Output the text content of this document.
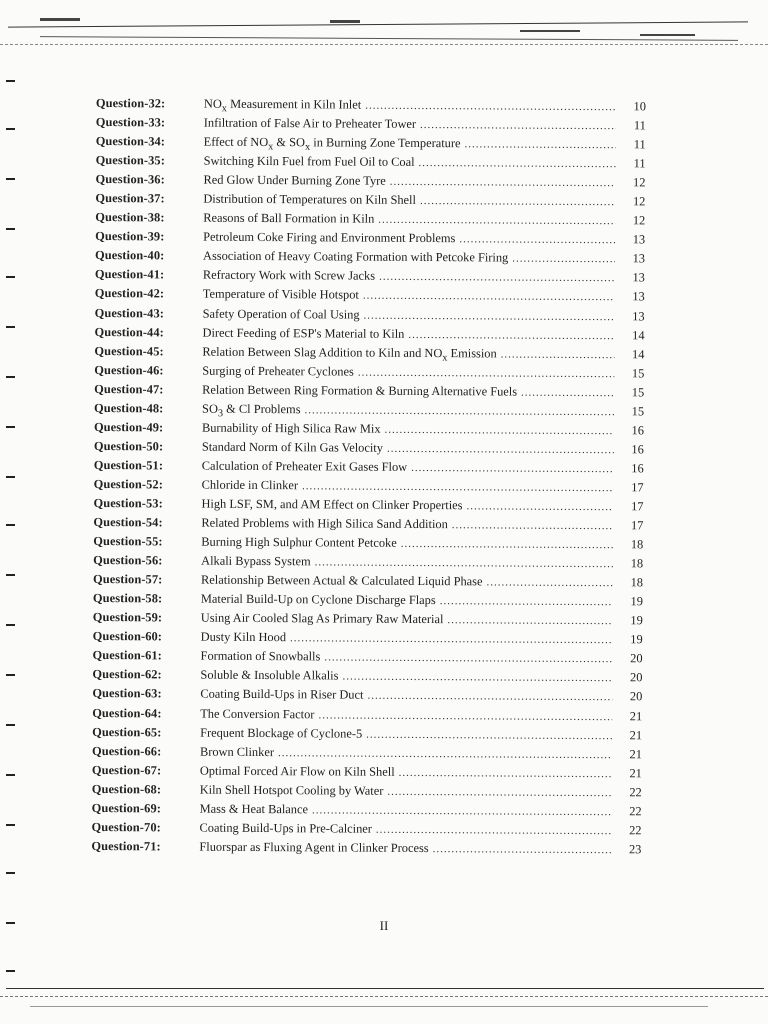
Question-32:	$NO_x$ Measurement in Kiln Inlet .....	10
Question-33:	Infiltration of False Air to Preheater Tower .....	11
Question-34:	Effect of $NO_x$ & $SO_x$ in Burning Zone Temperature .....	11
Question-35:	Switching Kiln Fuel from Fuel Oil to Coal .....	11
Question-36:	Red Glow Under Burning Zone Tyre .....	12
Question-37:	Distribution of Temperatures on Kiln Shell .....	12
Question-38:	Reasons of Ball Formation in Kiln .....	12
Question-39:	Petroleum Coke Firing and Environment Problems .....	13
Question-40:	Association of Heavy Coating Formation with Petcoke Firing .....	13
Question-41:	Refractory Work with Screw Jacks .....	13
Question-42:	Temperature of Visible Hotspot .....	13
Question-43:	Safety Operation of Coal Using .....	13
Question-44:	Direct Feeding of ESP's Material to Kiln .....	14
Question-45:	Relation Between Slag Addition to Kiln and $NO_x$ Emission .....	14
Question-46:	Surging of Preheater Cyclones .....	15
Question-47:	Relation Between Ring Formation & Burning Alternative Fuels .....	15
Question-48:	$SO_3$ & Cl Problems .....	15
Question-49:	Burnability of High Silica Raw Mix .....	16
Question-50:	Standard Norm of Kiln Gas Velocity .....	16
Question-51:	Calculation of Preheater Exit Gases Flow .....	16
Question-52:	Chloride in Clinker .....	17
Question-53:	High LSF, SM, and AM Effect on Clinker Properties .....	17
Question-54:	Related Problems with High Silica Sand Addition .....	17
Question-55:	Burning High Sulphur Content Petcoke .....	18
Question-56:	Alkali Bypass System .....	18
Question-57:	Relationship Between Actual & Calculated Liquid Phase .....	18
Question-58:	Material Build-Up on Cyclone Discharge Flaps .....	19
Question-59:	Using Air Cooled Slag As Primary Raw Material .....	19
Question-60:	Dusty Kiln Hood .....	19
Question-61:	Formation of Snowballs .....	20
Question-62:	Soluble & Insoluble Alkalis .....	20
Question-63:	Coating Build-Ups in Riser Duct .....	20
Question-64:	The Conversion Factor .....	21
Question-65:	Frequent Blockage of Cyclone-5 .....	21
Question-66:	Brown Clinker .....	21
Question-67:	Optimal Forced Air Flow on Kiln Shell .....	21
Question-68:	Kiln Shell Hotspot Cooling by Water .....	22
Question-69:	Mass & Heat Balance .....	22
Question-70:	Coating Build-Ups in Pre-Calciner .....	22
Question-71:	Fluorspar as Fluxing Agent in Clinker Process .....	23
II
